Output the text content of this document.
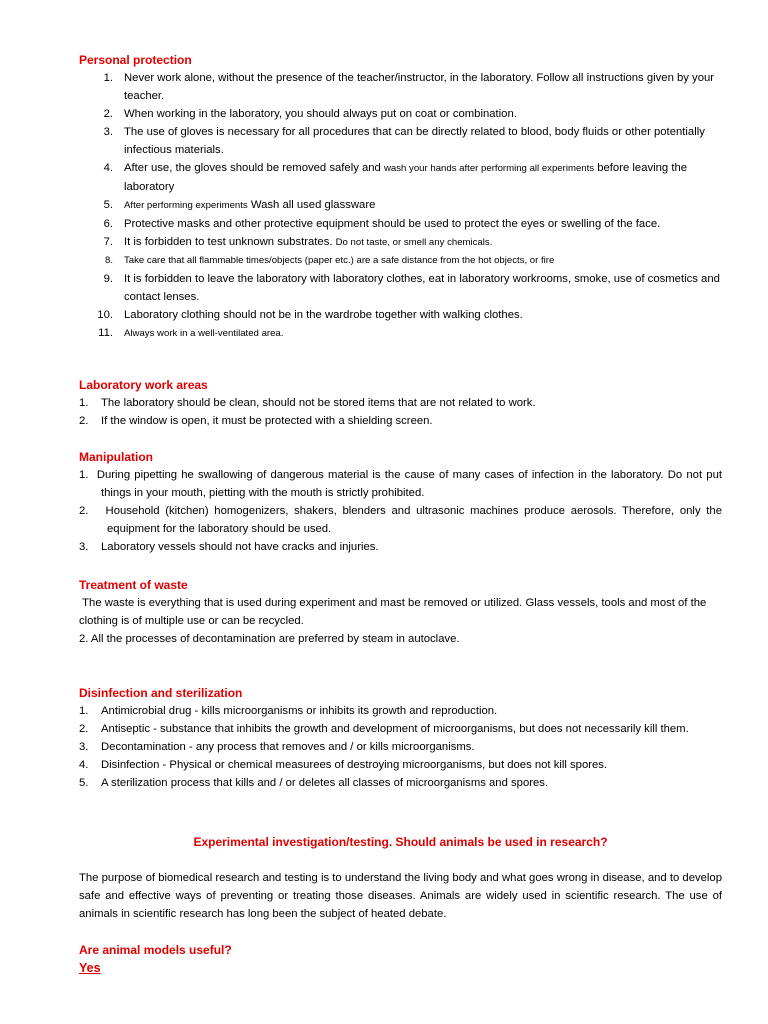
Personal protection
1. Never work alone, without the presence of the teacher/instructor, in the laboratory. Follow all instructions given by your teacher.
2. When working in the laboratory, you should always put on coat or combination.
3. The use of gloves is necessary for all procedures that can be directly related to blood, body fluids or other potentially infectious materials.
4. After use, the gloves should be removed safely and wash your hands after performing all experiments before leaving the laboratory
5. After performing experiments Wash all used glassware
6. Protective masks and other protective equipment should be used to protect the eyes or swelling of the face.
7. It is forbidden to test unknown substrates. Do not taste, or smell any chemicals.
8. Take care that all flammable times/objects (paper etc.) are a safe distance from the hot objects, or fire
9. It is forbidden to leave the laboratory with laboratory clothes, eat in laboratory workrooms, smoke, use of cosmetics and contact lenses.
10. Laboratory clothing should not be in the wardrobe together with walking clothes.
11. Always work in a well-ventilated area.
Laboratory work areas
1. The laboratory should be clean, should not be stored items that are not related to work.
2. If the window is open, it must be protected with a shielding screen.
Manipulation
1. During pipetting he swallowing of dangerous material is the cause of many cases of infection in the laboratory. Do not put
things in your mouth, pietting with the mouth is strictly prohibited.
2. Household (kitchen) homogenizers, shakers, blenders and ultrasonic machines produce aerosols. Therefore, only the
equipment for the laboratory should be used.
3. Laboratory vessels should not have cracks and injuries.
Treatment of waste

The waste is everything that is used during experiment and mast be removed or utilized. Glass vessels, tools and most of the clothing is of multiple use or can be recycled.

2. All the processes of decontamination are preferred by steam in autoclave.

Disinfection and sterilization
1. Antimicrobial drug - kills microorganisms or inhibits its growth and reproduction.
2. Antiseptic - substance that inhibits the growth and development of microorganisms, but does not necessarily kill them.
3. Decontamination - any process that removes and / or kills microorganisms.
4. Disinfection - Physical or chemical measurees of destroying microorganisms, but does not kill spores.
5. A sterilization process that kills and / or deletes all classes of microorganisms and spores.
Experimental investigation/testing. Should animals be used in research?

The purpose of biomedical research and testing is to understand the living body and what goes wrong in disease, and to develop safe and effective ways of preventing or treating those diseases. Animals are widely used in scientific research. The use of animals in scientific research has long been the subject of heated debate.

Are animal models useful?
Yes
